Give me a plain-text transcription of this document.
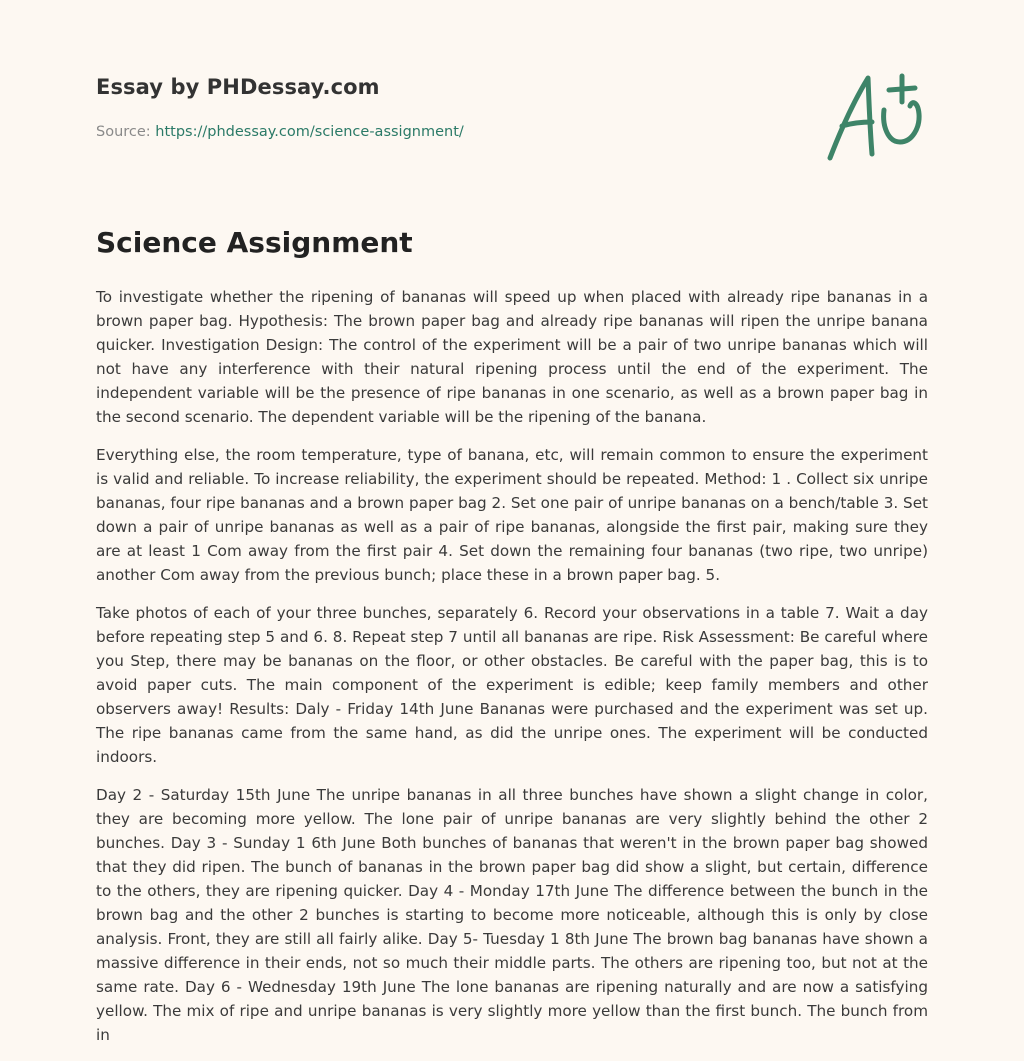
Essay by PHDessay.com

Source: https://phdessay.com/science-assignment/

Science Assignment

To investigate whether the ripening of bananas will speed up when placed with already ripe bananas in a brown paper bag. Hypothesis: The brown paper bag and already ripe bananas will ripen the unripe banana quicker. Investigation Design: The control of the experiment will be a pair of two unripe bananas which will not have any interference with their natural ripening process until the end of the experiment. The independent variable will be the presence of ripe bananas in one scenario, as well as a brown paper bag in the second scenario. The dependent variable will be the ripening of the banana.

Everything else, the room temperature, type of banana, etc, will remain common to ensure the experiment is valid and reliable. To increase reliability, the experiment should be repeated. Method: 1 . Collect six unripe bananas, four ripe bananas and a brown paper bag 2. Set one pair of unripe bananas on a bench/table 3. Set down a pair of unripe bananas as well as a pair of ripe bananas, alongside the first pair, making sure they are at least 1 Com away from the first pair 4. Set down the remaining four bananas (two ripe, two unripe) another Com away from the previous bunch; place these in a brown paper bag. 5.

Take photos of each of your three bunches, separately 6. Record your observations in a table 7. Wait a day before repeating step 5 and 6. 8. Repeat step 7 until all bananas are ripe. Risk Assessment: Be careful where you Step, there may be bananas on the floor, or other obstacles. Be careful with the paper bag, this is to avoid paper cuts. The main component of the experiment is edible; keep family members and other observers away! Results: Daly - Friday 14th June Bananas were purchased and the experiment was set up. The ripe bananas came from the same hand, as did the unripe ones. The experiment will be conducted indoors.

Day 2 - Saturday 15th June The unripe bananas in all three bunches have shown a slight change in color, they are becoming more yellow. The lone pair of unripe bananas are very slightly behind the other 2 bunches. Day 3 - Sunday 1 6th June Both bunches of bananas that weren't in the brown paper bag showed that they did ripen. The bunch of bananas in the brown paper bag did show a slight, but certain, difference to the others, they are ripening quicker. Day 4 - Monday 17th June The difference between the bunch in the brown bag and the other 2 bunches is starting to become more noticeable, although this is only by close analysis. Front, they are still all fairly alike. Day 5- Tuesday 1 8th June The brown bag bananas have shown a massive difference in their ends, not so much their middle parts. The others are ripening too, but not at the same rate. Day 6 - Wednesday 19th June The lone bananas are ripening naturally and are now a satisfying yellow. The mix of ripe and unripe bananas is very slightly more yellow than the first bunch. The bunch from in
